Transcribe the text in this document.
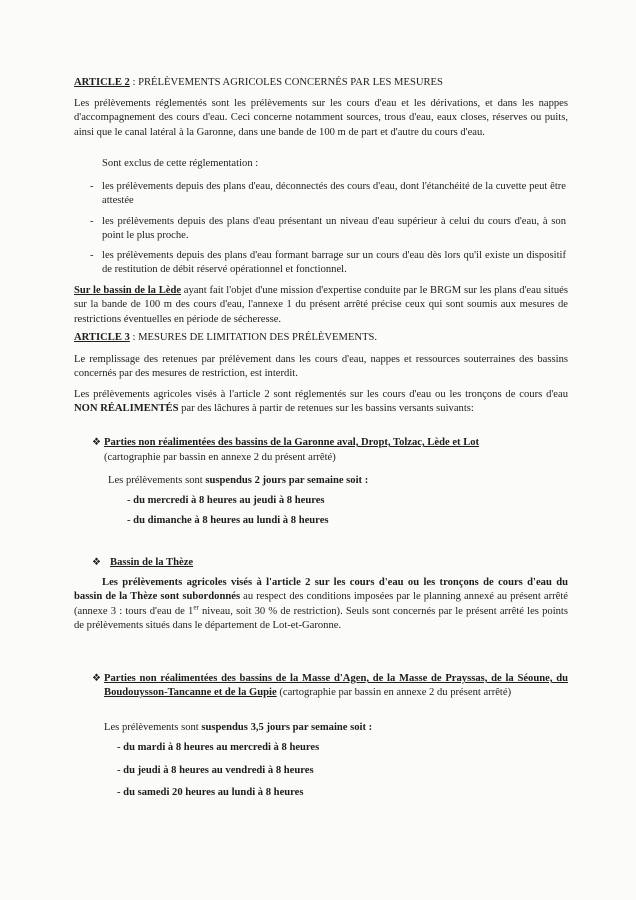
ARTICLE 2 : PRÉLÈVEMENTS AGRICOLES CONCERNÉS PAR LES MESURES

Les prélèvements réglementés sont les prélèvements sur les cours d'eau et les dérivations, et dans les nappes d'accompagnement des cours d'eau. Ceci concerne notamment sources, trous d'eau, eaux closes, réserves ou puits, ainsi que le canal latéral à la Garonne, dans une bande de 100 m de part et d'autre du cours d'eau.

Sont exclus de cette réglementation :

- les prélèvements depuis des plans d'eau, déconnectés des cours d'eau, dont l'étanchéité de la cuvette peut être attestée

- les prélèvements depuis des plans d'eau présentant un niveau d'eau supérieur à celui du cours d'eau, à son point le plus proche.

- les prélèvements depuis des plans d'eau formant barrage sur un cours d'eau dès lors qu'il existe un dispositif de restitution de débit réservé opérationnel et fonctionnel.

Sur le bassin de la Lède ayant fait l'objet d'une mission d'expertise conduite par le BRGM sur les plans d'eau situés sur la bande de 100 m des cours d'eau, l'annexe 1 du présent arrêté précise ceux qui sont soumis aux mesures de restrictions éventuelles en période de sécheresse.

ARTICLE 3 : MESURES DE LIMITATION DES PRÉLÈVEMENTS.

Le remplissage des retenues par prélèvement dans les cours d'eau, nappes et ressources souterraines des bassins concernés par des mesures de restriction, est interdit.

Les prélèvements agricoles visés à l'article 2 sont réglementés sur les cours d'eau ou les tronçons de cours d'eau NON RÉALIMENTÉS par des lâchures à partir de retenues sur les bassins versants suivants:

❖ Parties non réalimentées des bassins de la Garonne aval, Dropt, Tolzac, Lède et Lot

(cartographie par bassin en annexe 2 du présent arrêté)

Les prélèvements sont suspendus 2 jours par semaine soit :

- du mercredi à 8 heures au jeudi à 8 heures

- du dimanche à 8 heures au lundi à 8 heures

❖ Bassin de la Thèze

Les prélèvements agricoles visés à l'article 2 sur les cours d'eau ou les tronçons de cours d'eau du bassin de la Thèze sont subordonnés au respect des conditions imposées par le planning annexé au présent arrêté (annexe 3 : tours d'eau de 1er niveau, soit 30 % de restriction). Seuls sont concernés par le présent arrêté les points de prélèvements situés dans le département de Lot-et-Garonne.

❖ Parties non réalimentées des bassins de la Masse d'Agen, de la Masse de Prayssas, de la Séoune, du Boudouysson-Tancanne et de la Gupie (cartographie par bassin en annexe 2 du présent arrêté)

Les prélèvements sont suspendus 3,5 jours par semaine soit :

- du mardi à 8 heures au mercredi à 8 heures

- du jeudi à 8 heures au vendredi à 8 heures

- du samedi 20 heures au lundi à 8 heures
